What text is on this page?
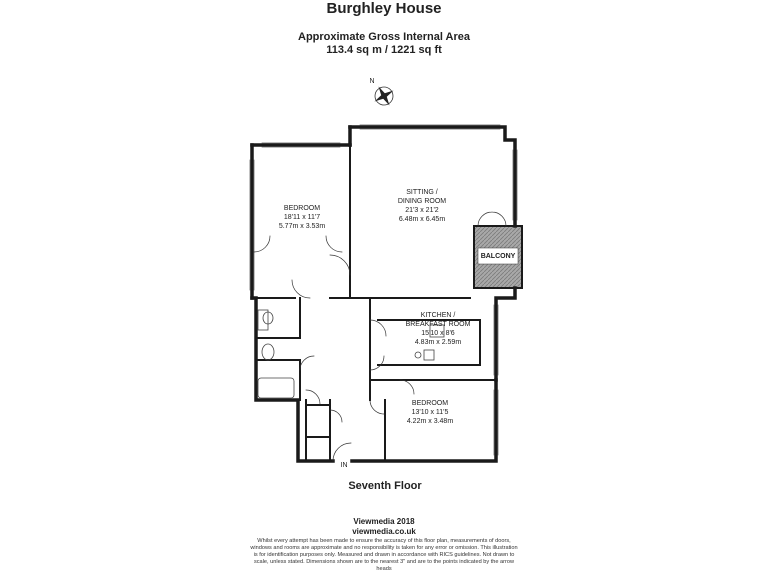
Burghley House
Approximate Gross Internal Area
113.4 sq m / 1221 sq ft
N
BEDROOM
18'11 x 11'7
5.77m x 3.53m
SITTING /
DINING ROOM
21'3 x 21'2
6.48m x 6.45m
BALCONY
KITCHEN /
BREAKFAST ROOM
15'10 x 8'6
4.83m x 2.59m
BEDROOM
13'10 x 11'5
4.22m x 3.48m
IN
Seventh Floor
Viewmedia 2018
viewmedia.co.uk
Whilst every attempt has been made to ensure the accuracy of this floor plan, measurements of doors, windows and rooms are approximate and no responsibility is taken for any error or omission. This illustration is for identification purposes only. Measured and drawn in accordance with RICS guidelines. Not drawn to scale, unless stated. Dimensions shown are to the nearest 3" and are to the points indicated by the arrow heads
